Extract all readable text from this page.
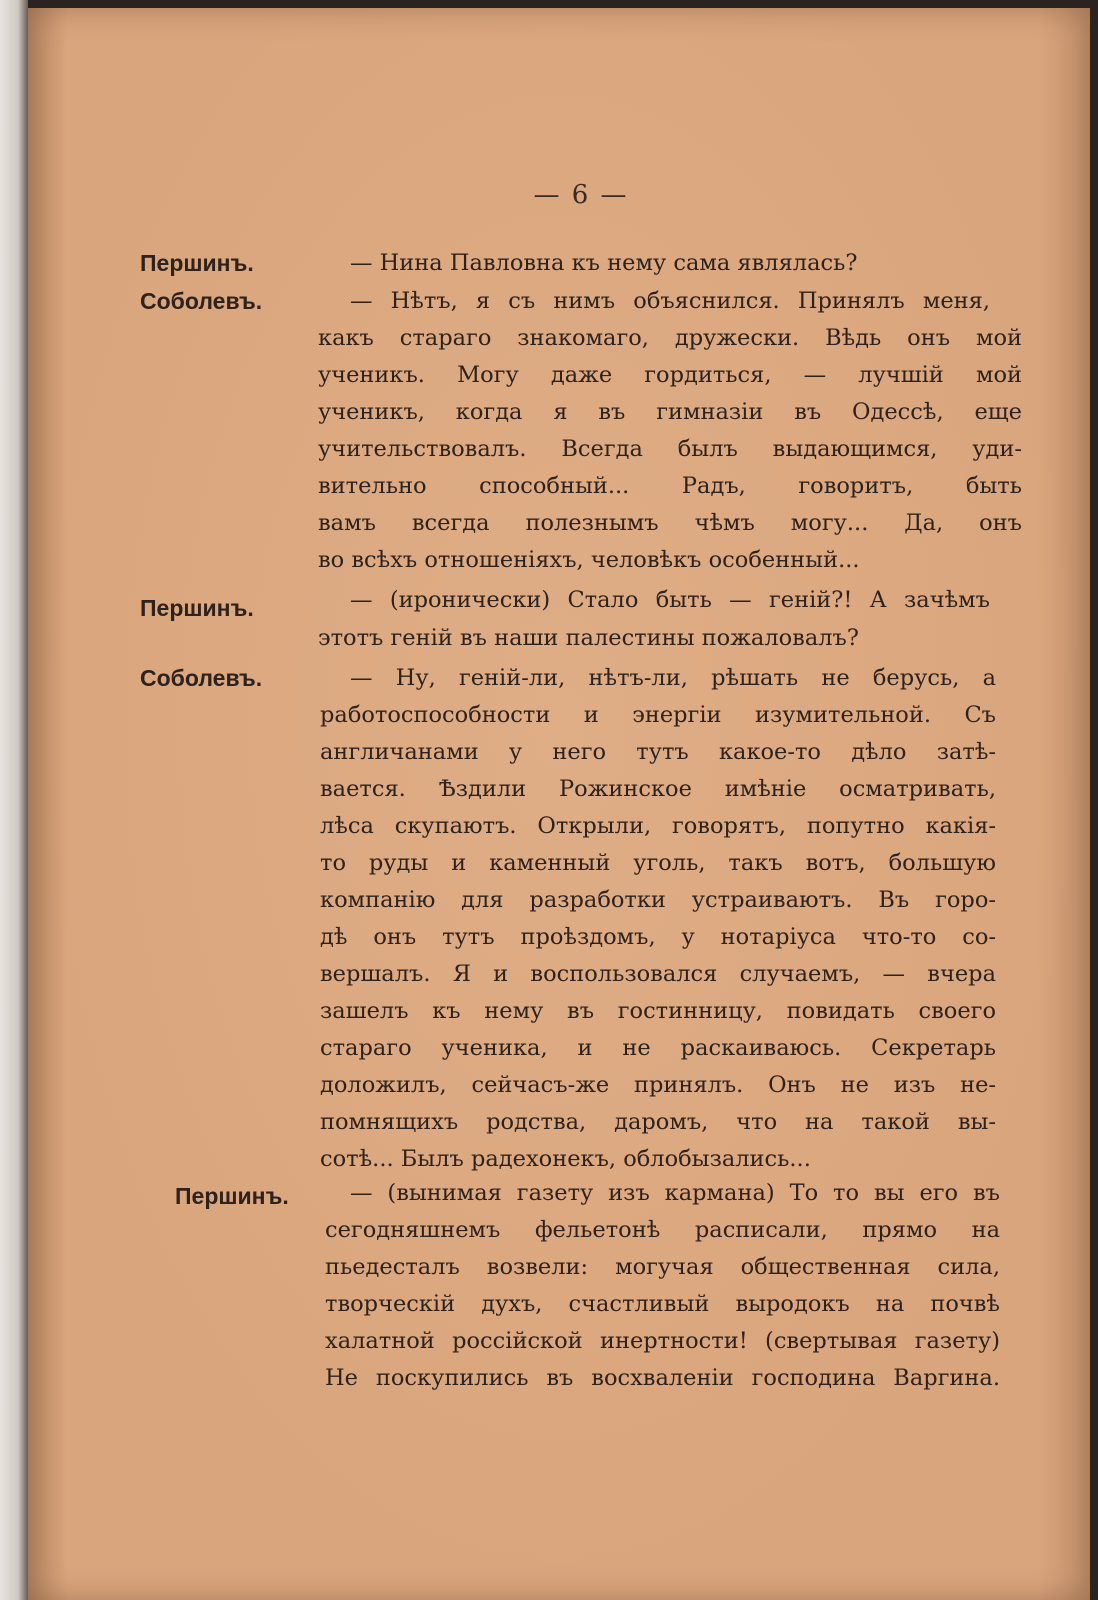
— 6 —
Першинъ.	— Нина Павловна къ нему сама являлась?
Соболевъ.	— Нѣтъ, я съ нимъ объяснился. Принялъ меня,
какъ стараго знакомаго, дружески. Вѣдь онъ мой
ученикъ. Могу даже гордиться, — лучшій мой
ученикъ, когда я въ гимназіи въ Одессѣ, еще
учительствовалъ. Всегда былъ выдающимся, уди-
вительно способный... Радъ, говоритъ, быть
вамъ всегда полезнымъ чѣмъ могу... Да, онъ
во всѣхъ отношеніяхъ, человѣкъ особенный...
Першинъ.	— (иронически) Стало быть — геній?! А зачѣмъ
этотъ геній въ наши палестины пожаловалъ?
Соболевъ.	— Ну, геній-ли, нѣтъ-ли, рѣшать не берусь, а
работоспособности и энергіи изумительной. Съ
англичанами у него тутъ какое-то дѣло затѣ-
вается. Ѣздили Рожинское имѣніе осматривать,
лѣса скупаютъ. Открыли, говорятъ, попутно какія-
то руды и каменный уголь, такъ вотъ, большую
компанію для разработки устраиваютъ. Въ горо-
дѣ онъ тутъ проѣздомъ, у нотаріуса что-то со-
вершалъ. Я и воспользовался случаемъ, — вчера
зашелъ къ нему въ гостинницу, повидать своего
стараго ученика, и не раскаиваюсь. Секретарь
доложилъ, сейчасъ-же принялъ. Онъ не изъ не-
помнящихъ родства, даромъ, что на такой вы-
сотѣ... Былъ радехонекъ, облобызались...
Першинъ.	— (вынимая газету изъ кармана) То то вы его въ
сегодняшнемъ фельетонѣ расписали, прямо на
пьедесталъ возвели: могучая общественная сила,
творческій духъ, счастливый выродокъ на почвѣ
халатной россійской инертности! (свертывая газету)
Не поскупились въ восхваленіи господина Варгина.
